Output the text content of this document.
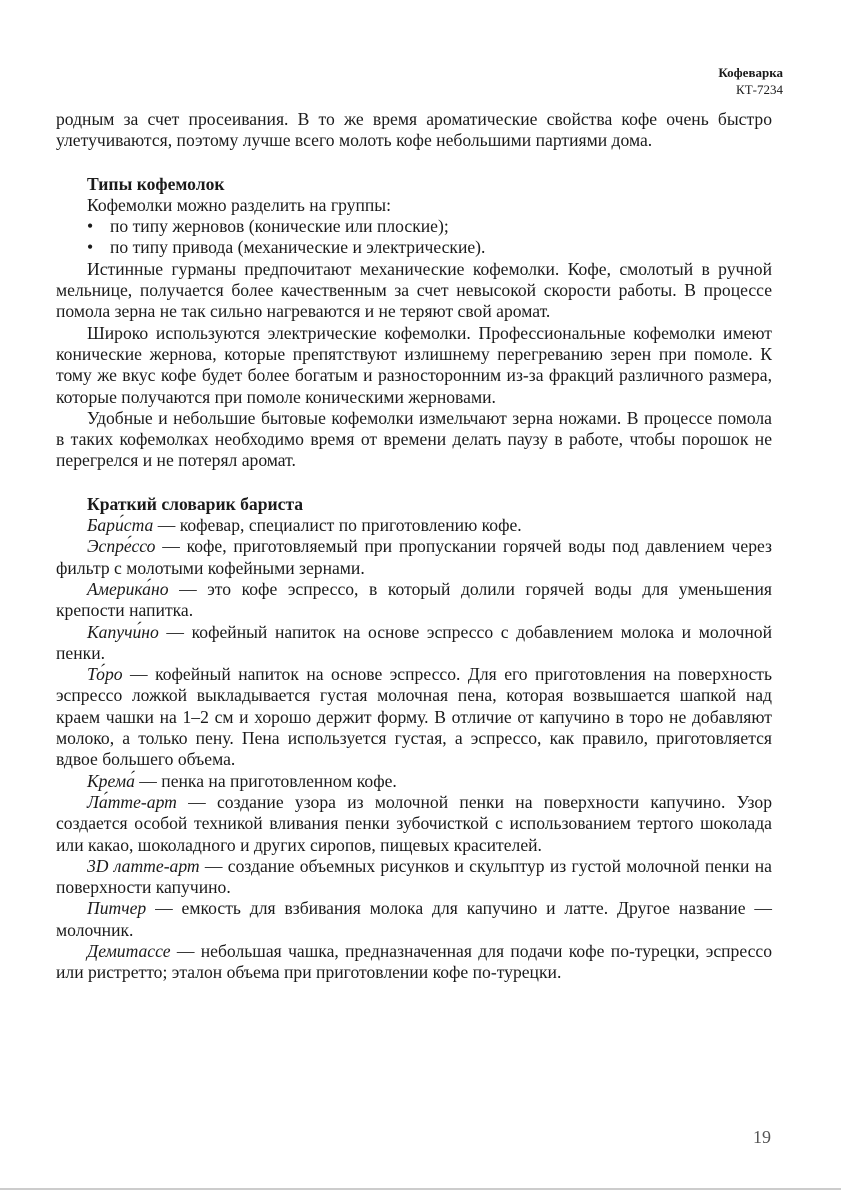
Кофеварка
КТ-7234

родным за счет просеивания. В то же время ароматические свойства кофе очень быстро улетучиваются, поэтому лучше всего молоть кофе небольшими партиями дома.

Типы кофемолок

Кофемолки можно разделить на группы:

• по типу жерновов (конические или плоские);
• по типу привода (механические и электрические).

Истинные гурманы предпочитают механические кофемолки. Кофе, смолотый в ручной мельнице, получается более качественным за счет невысокой скорости работы. В процессе помола зерна не так сильно нагреваются и не теряют свой аромат.

Широко используются электрические кофемолки. Профессиональные кофемолки имеют конические жернова, которые препятствуют излишнему перегреванию зерен при помоле. К тому же вкус кофе будет более богатым и разносторонним из-за фракций различного размера, которые получаются при помоле коническими жерновами.

Удобные и небольшие бытовые кофемолки измельчают зерна ножами. В процессе помола в таких кофемолках необходимо время от времени делать паузу в работе, чтобы порошок не перегрелся и не потерял аромат.

Краткий словарик бариста

Бари́ста — кофевар, специалист по приготовлению кофе.

Эспре́ссо — кофе, приготовляемый при пропускании горячей воды под давлением через фильтр с молотыми кофейными зернами.

Америка́но — это кофе эспрессо, в который долили горячей воды для уменьшения крепости напитка.

Капучи́но — кофейный напиток на основе эспрессо с добавлением молока и молочной пенки.

То́ро — кофейный напиток на основе эспрессо. Для его приготовления на поверхность эспрессо ложкой выкладывается густая молочная пена, которая возвышается шапкой над краем чашки на 1–2 см и хорошо держит форму. В отличие от капучино в торо не добавляют молоко, а только пену. Пена используется густая, а эспрессо, как правило, приготовляется вдвое большего объема.

Крема́ — пенка на приготовленном кофе.

Ла́тте-арт — создание узора из молочной пенки на поверхности капучино. Узор создается особой техникой вливания пенки зубочисткой с использованием тертого шоколада или какао, шоколадного и других сиропов, пищевых красителей.

3D латте-арт — создание объемных рисунков и скульптур из густой молочной пенки на поверхности капучино.

Питчер — емкость для взбивания молока для капучино и латте. Другое название — молочник.

Демитассе — небольшая чашка, предназначенная для подачи кофе по-турецки, эспрессо или ристретто; эталон объема при приготовлении кофе по-турецки.

19
